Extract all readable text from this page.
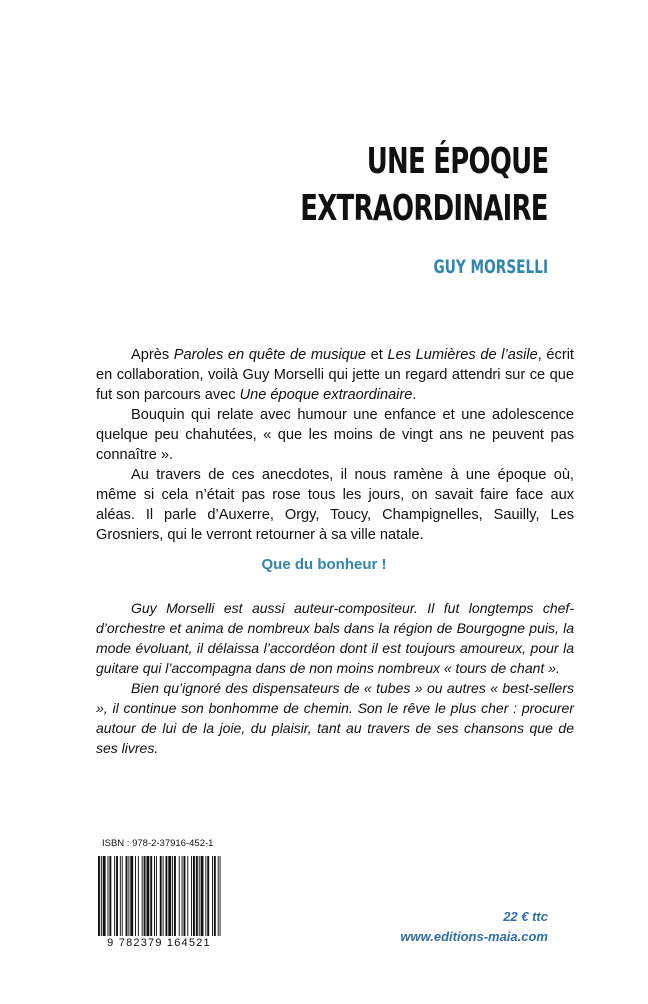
UNE ÉPOQUE
EXTRAORDINAIRE
GUY MORSELLI

Après Paroles en quête de musique et Les Lumières de l’asile, écrit en collaboration, voilà Guy Morselli qui jette un regard attendri sur ce que fut son parcours avec Une époque extraordinaire.

Bouquin qui relate avec humour une enfance et une adolescence quelque peu chahutées, « que les moins de vingt ans ne peuvent pas connaître ».

Au travers de ces anecdotes, il nous ramène à une époque où, même si cela n’était pas rose tous les jours, on savait faire face aux aléas. Il parle d’Auxerre, Orgy, Toucy, Champignelles, Sauilly, Les Grosniers, qui le verront retourner à sa ville natale.

Que du bonheur !

Guy Morselli est aussi auteur-compositeur. Il fut longtemps chef-d’orchestre et anima de nombreux bals dans la région de Bourgogne puis, la mode évoluant, il délaissa l’accordéon dont il est toujours amoureux, pour la guitare qui l’accompagna dans de non moins nombreux « tours de chant ».

Bien qu’ignoré des dispensateurs de « tubes » ou autres « best-sellers », il continue son bonhomme de chemin. Son le rêve le plus cher : procurer autour de lui de la joie, du plaisir, tant au travers de ses chansons que de ses livres.

ISBN : 978-2-37916-452-1
9 782379 164521

22 € ttc

www.editions-maia.com
